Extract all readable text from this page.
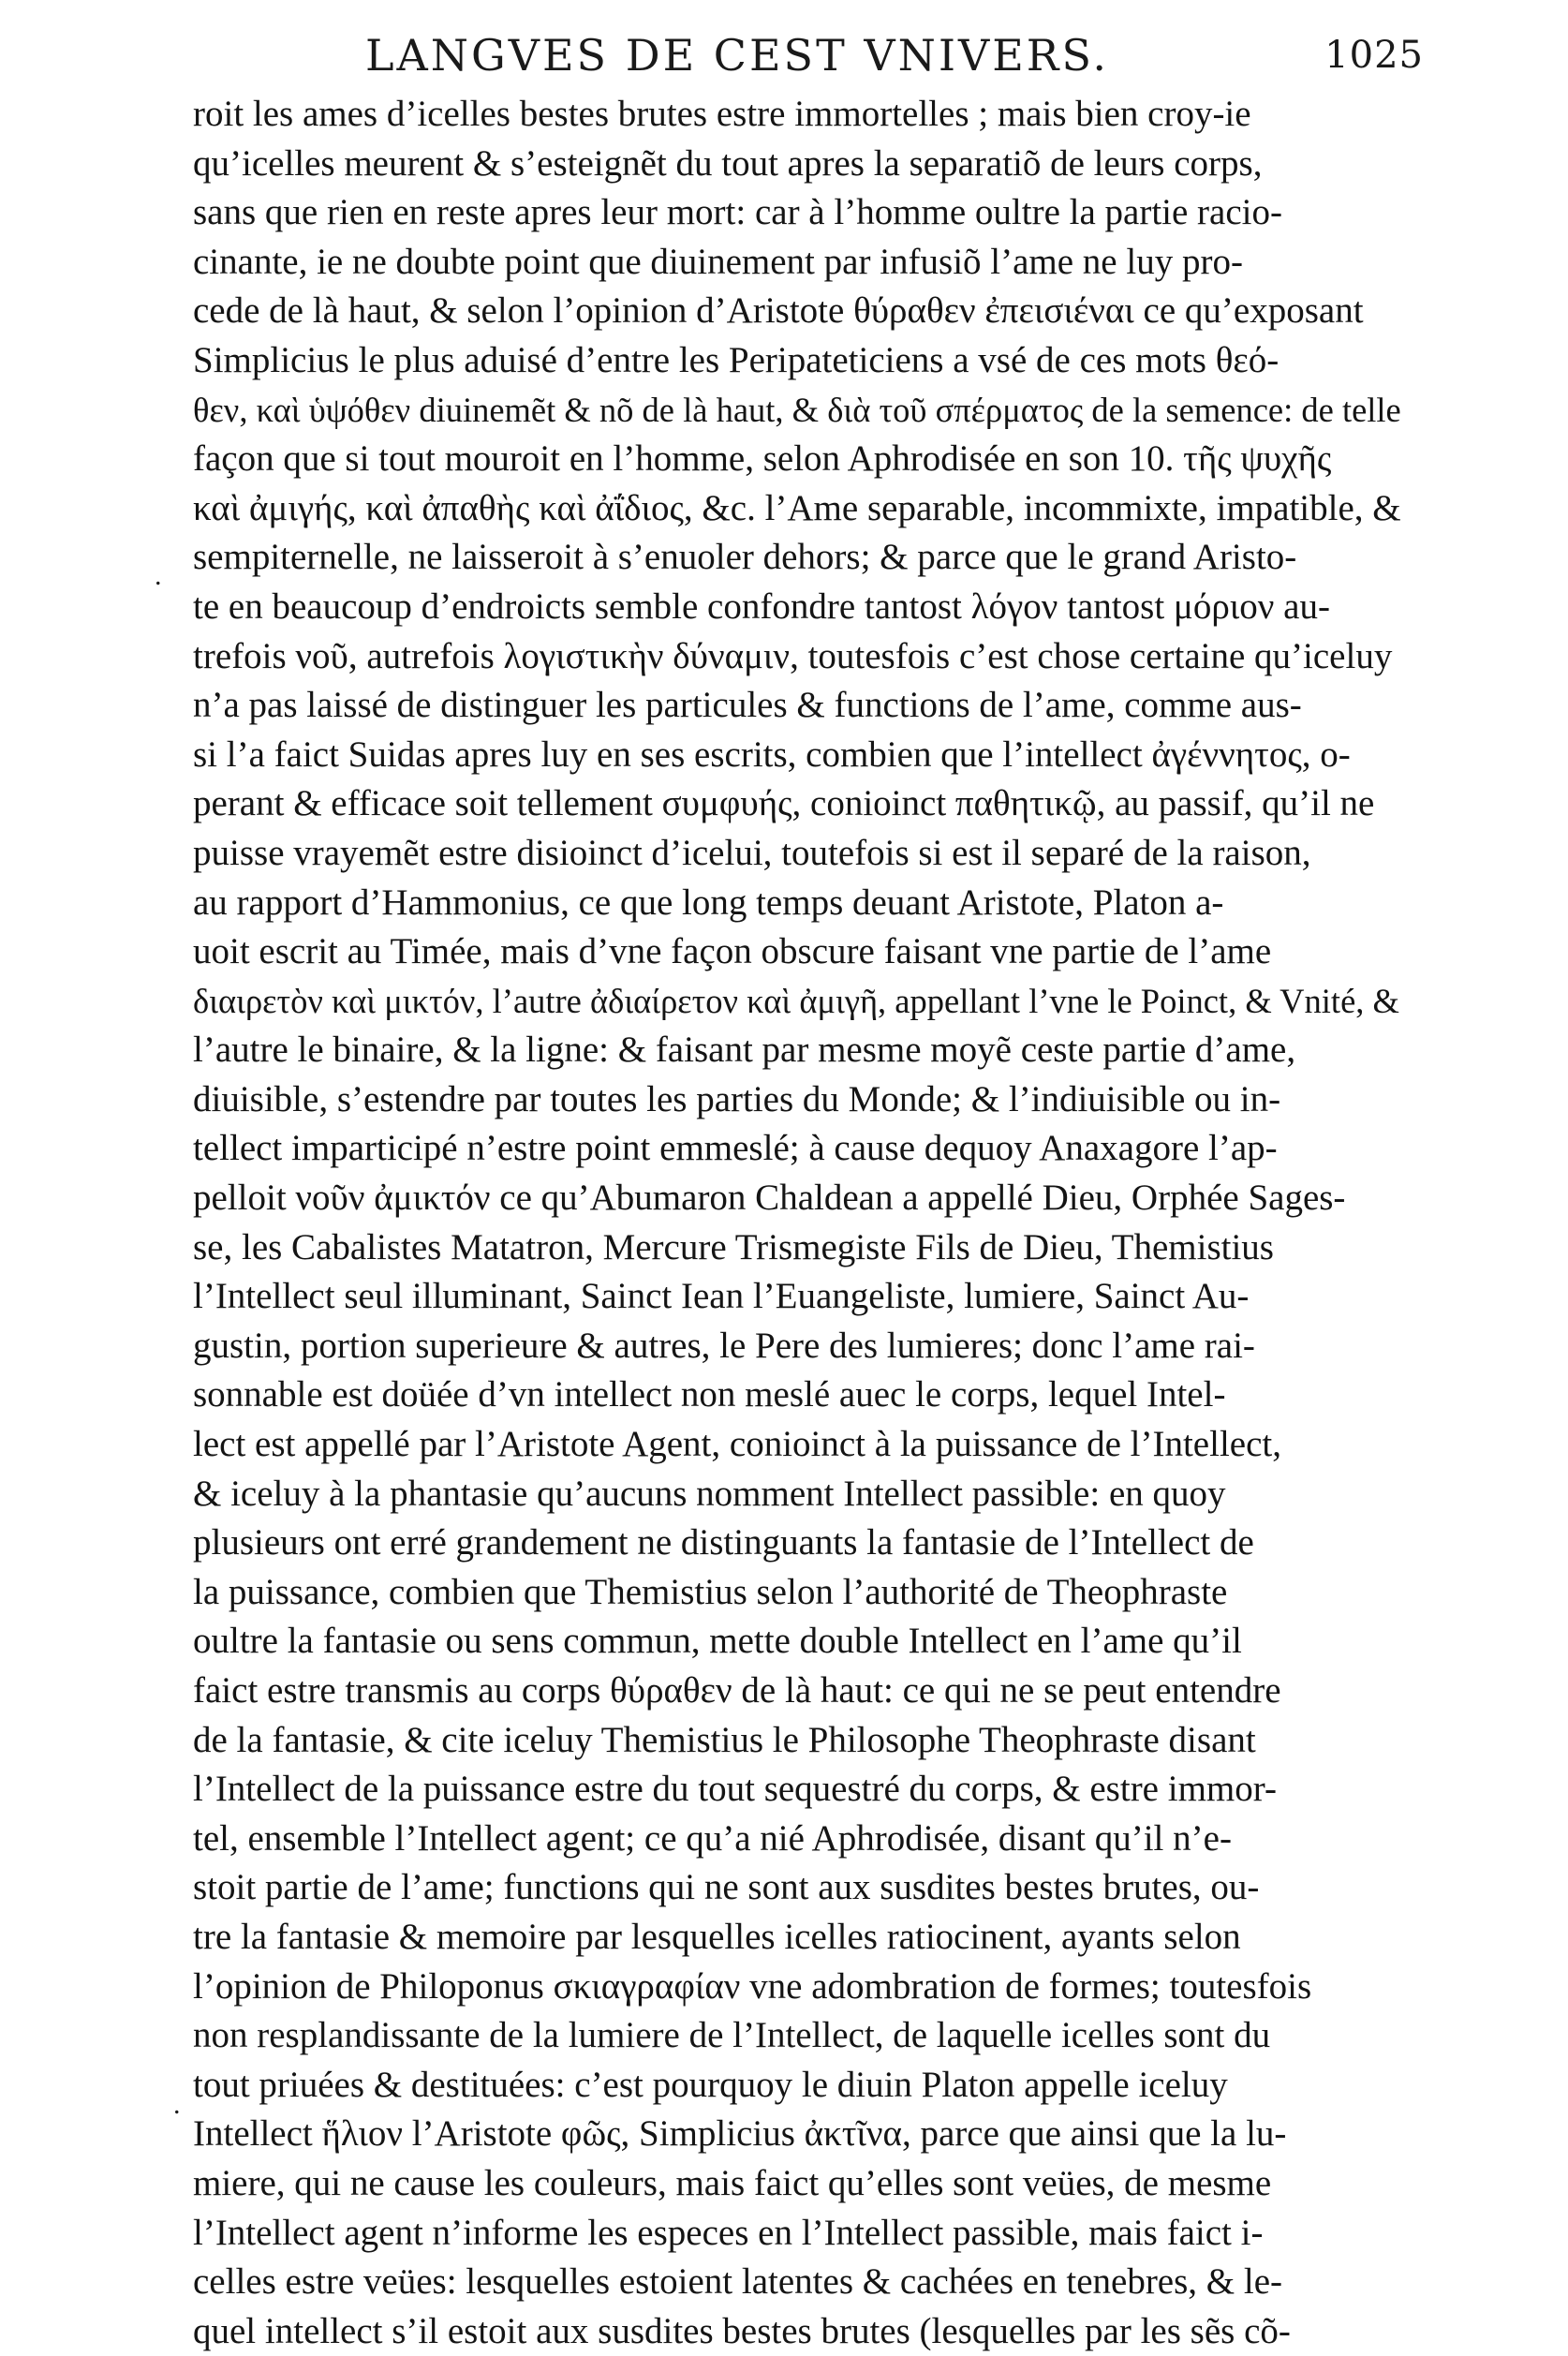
LANGVES DE CEST VNIVERS.	1025
.
.
roit les ames d’icelles bestes brutes estre immortelles ; mais bien croy-ie
qu’icelles meurent & s’esteignẽt du tout apres la separatiõ de leurs corps,
sans que rien en reste apres leur mort: car à l’homme oultre la partie racio-
cinante, ie ne doubte point que diuinement par infusiõ l’ame ne luy pro-
cede de là haut, & selon l’opinion d’Aristote θύραθεν ἐπεισιέναι ce qu’exposant
Simplicius le plus aduisé d’entre les Peripateticiens a vsé de ces mots θεό-
θεν, καὶ ὑψόθεν diuinemẽt & nõ de là haut, & διὰ τοῦ σπέρματος de la semence: de telle
façon que si tout mouroit en l’homme, selon Aphrodisée en son 10. τῆς ψυχῆς
καὶ ἀμιγής, καὶ ἀπαθὴς καὶ ἀΐδιος, &c. l’Ame separable, incommixte, impatible, &
sempiternelle, ne laisseroit à s’enuoler dehors; & parce que le grand Aristo-
te en beaucoup d’endroicts semble confondre tantost λόγον tantost μόριον au-
trefois νοῦ, autrefois λογιστικὴν δύναμιν, toutesfois c’est chose certaine qu’iceluy
n’a pas laissé de distinguer les particules & functions de l’ame, comme aus-
si l’a faict Suidas apres luy en ses escrits, combien que l’intellect ἀγέννητος, o-
perant & efficace soit tellement συμφυής, conioinct παθητικῷ, au passif, qu’il ne
puisse vrayemẽt estre disioinct d’icelui, toutefois si est il separé de la raison,
au rapport d’Hammonius, ce que long temps deuant Aristote, Platon a-
uoit escrit au Timée, mais d’vne façon obscure faisant vne partie de l’ame
διαιρετὸν καὶ μικτόν, l’autre ἀδιαίρετον καὶ ἀμιγῆ, appellant l’vne le Poinct, & Vnité, &
l’autre le binaire, & la ligne: & faisant par mesme moyẽ ceste partie d’ame,
diuisible, s’estendre par toutes les parties du Monde; & l’indiuisible ou in-
tellect imparticipé n’estre point emmeslé; à cause dequoy Anaxagore l’ap-
pelloit νοῦν ἀμικτόν ce qu’Abumaron Chaldean a appellé Dieu, Orphée Sages-
se, les Cabalistes Matatron, Mercure Trismegiste Fils de Dieu, Themistius
l’Intellect seul illuminant, Sainct Iean l’Euangeliste, lumiere, Sainct Au-
gustin, portion superieure & autres, le Pere des lumieres; donc l’ame rai-
sonnable est doüée d’vn intellect non meslé auec le corps, lequel Intel-
lect est appellé par l’Aristote Agent, conioinct à la puissance de l’Intellect,
& iceluy à la phantasie qu’aucuns nomment Intellect passible: en quoy
plusieurs ont erré grandement ne distinguants la fantasie de l’Intellect de
la puissance, combien que Themistius selon l’authorité de Theophraste
oultre la fantasie ou sens commun, mette double Intellect en l’ame qu’il
faict estre transmis au corps θύραθεν de là haut: ce qui ne se peut entendre
de la fantasie, & cite iceluy Themistius le Philosophe Theophraste disant
l’Intellect de la puissance estre du tout sequestré du corps, & estre immor-
tel, ensemble l’Intellect agent; ce qu’a nié Aphrodisée, disant qu’il n’e-
stoit partie de l’ame; functions qui ne sont aux susdites bestes brutes, ou-
tre la fantasie & memoire par lesquelles icelles ratiocinent, ayants selon
l’opinion de Philoponus σκιαγραφίαν vne adombration de formes; toutesfois
non resplandissante de la lumiere de l’Intellect, de laquelle icelles sont du
tout priuées & destituées: c’est pourquoy le diuin Platon appelle iceluy
Intellect ἥλιον l’Aristote φῶς, Simplicius ἀκτῖνα, parce que ainsi que la lu-
miere, qui ne cause les couleurs, mais faict qu’elles sont veües, de mesme
l’Intellect agent n’informe les especes en l’Intellect passible, mais faict i-
celles estre veües: lesquelles estoient latentes & cachées en tenebres, & le-
quel intellect s’il estoit aux susdites bestes brutes (lesquelles par les sẽs cõ-
